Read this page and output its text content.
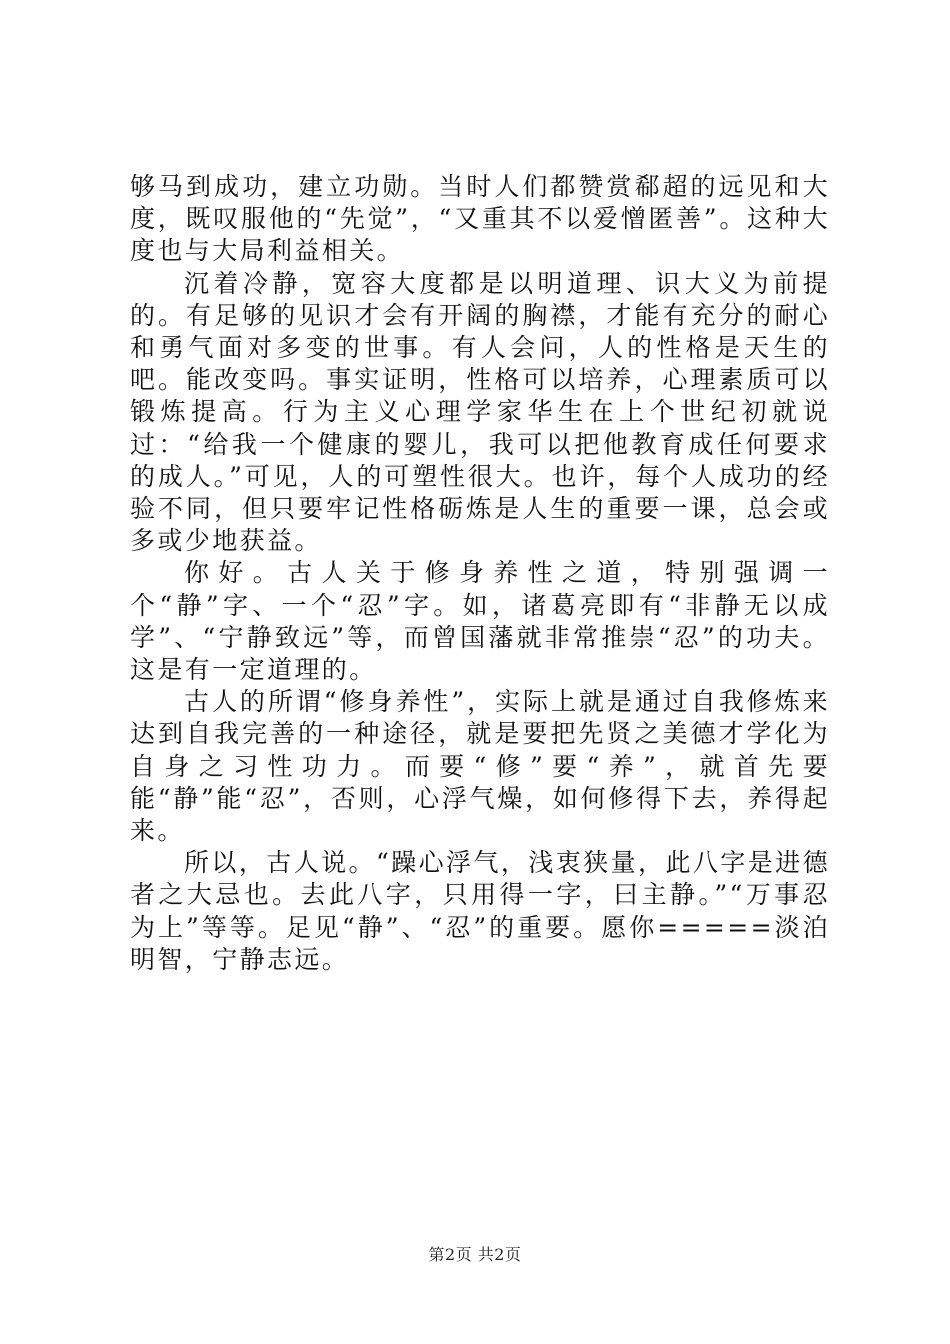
够马到成功，建立功勋。当时人们都赞赏郗超的远见和大度，既叹服他的“先觉”，“又重其不以爱憎匿善”。这种大度也与大局利益相关。

沉着冷静，宽容大度都是以明道理、识大义为前提的。有足够的见识才会有开阔的胸襟，才能有充分的耐心和勇气面对多变的世事。有人会问，人的性格是天生的吧。能改变吗。事实证明，性格可以培养，心理素质可以锻炼提高。行为主义心理学家华生在上个世纪初就说过：“给我一个健康的婴儿，我可以把他教育成任何要求的成人。”可见，人的可塑性很大。也许，每个人成功的经验不同，但只要牢记性格砺炼是人生的重要一课，总会或多或少地获益。

你好。古人关于修身养性之道，特别强调一个“静”字、一个“忍”字。如，诸葛亮即有“非静无以成学”、“宁静致远”等，而曾国藩就非常推崇“忍”的功夫。这是有一定道理的。

古人的所谓“修身养性”，实际上就是通过自我修炼来达到自我完善的一种途径，就是要把先贤之美德才学化为自身之习性功力。而要“修”要“养”，就首先要能“静”能“忍”，否则，心浮气燥，如何修得下去，养得起来。

所以，古人说。“躁心浮气，浅衷狭量，此八字是进德者之大忌也。去此八字，只用得一字，曰主静。”“万事忍为上”等等。足见“静”、“忍”的重要。愿你=====淡泊明智，宁静志远。

第2页 共2页
